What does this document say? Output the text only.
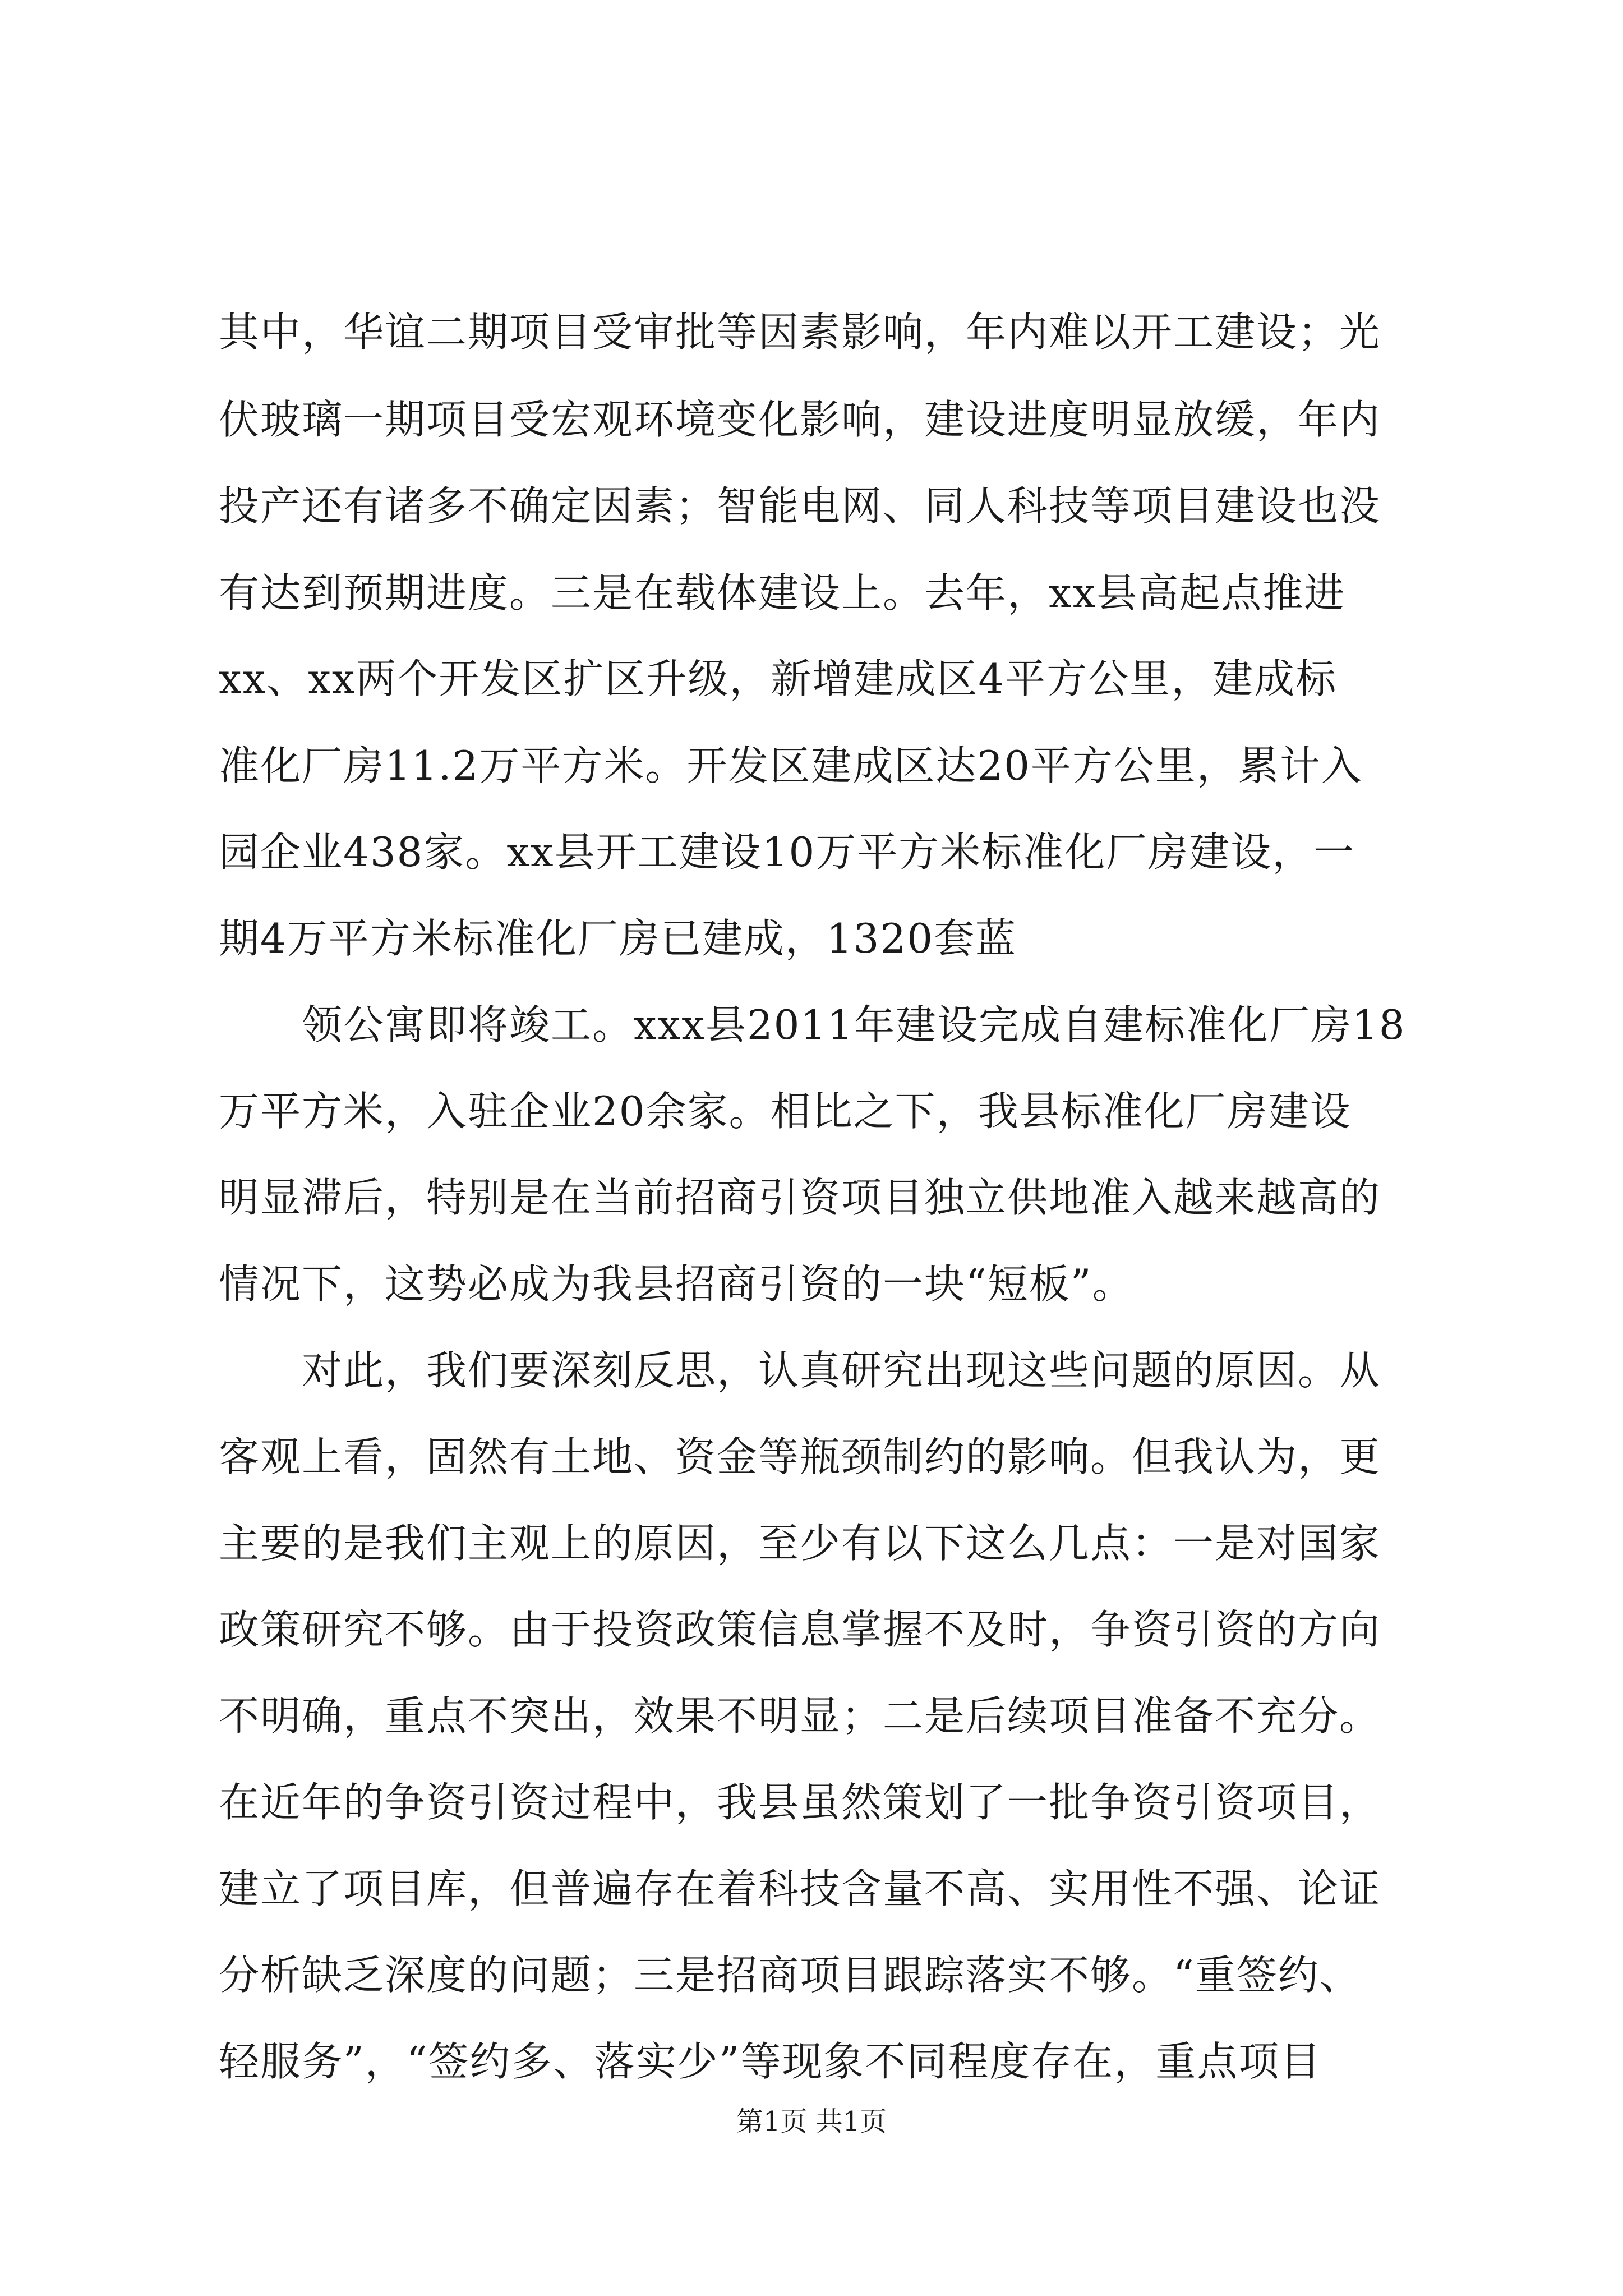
其中，华谊二期项目受审批等因素影响，年内难以开工建设；光
伏玻璃一期项目受宏观环境变化影响，建设进度明显放缓，年内
投产还有诸多不确定因素；智能电网、同人科技等项目建设也没
有达到预期进度。三是在载体建设上。去年，xx县高起点推进
xx、xx两个开发区扩区升级，新增建成区4平方公里，建成标
准化厂房11.2万平方米。开发区建成区达20平方公里，累计入
园企业438家。xx县开工建设10万平方米标准化厂房建设，一
期4万平方米标准化厂房已建成，1320套蓝
领公寓即将竣工。xxx县2011年建设完成自建标准化厂房18
万平方米，入驻企业20余家。相比之下，我县标准化厂房建设
明显滞后，特别是在当前招商引资项目独立供地准入越来越高的
情况下，这势必成为我县招商引资的一块“短板”。
对此，我们要深刻反思，认真研究出现这些问题的原因。从
客观上看，固然有土地、资金等瓶颈制约的影响。但我认为，更
主要的是我们主观上的原因，至少有以下这么几点：一是对国家
政策研究不够。由于投资政策信息掌握不及时，争资引资的方向
不明确，重点不突出，效果不明显；二是后续项目准备不充分。
在近年的争资引资过程中，我县虽然策划了一批争资引资项目，
建立了项目库，但普遍存在着科技含量不高、实用性不强、论证
分析缺乏深度的问题；三是招商项目跟踪落实不够。“重签约、
轻服务”，“签约多、落实少”等现象不同程度存在，重点项目
第1页 共1页
